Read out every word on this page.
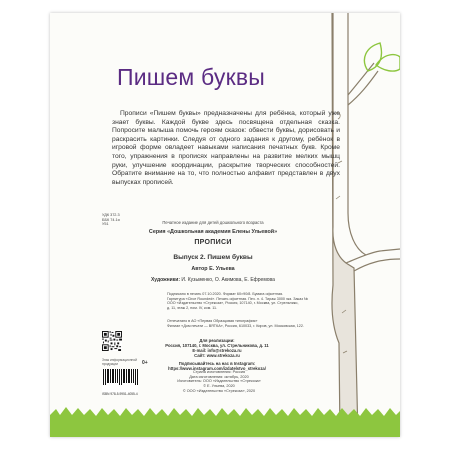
Пишем буквы

Прописи «Пишем буквы» предназначены для ребёнка, который уже знает буквы. Каждой букве здесь посвящена отдельная сказка. Попросите малыша помочь героям сказок: обвести буквы, дорисовать и раскрасить картинки. Следуя от одного задания к другому, ребёнок в игровой форме овладеет навыками написания печатных букв. Кроме того, упражнения в прописях направлены на развитие мелких мышц руки, улучшение координации, раскрытие творческих способностей. Обратите внимание на то, что полностью алфавит представлен в двух выпусках прописей.

УДК 372.3
ББК 74.1я
У51	Печатное издание для детей дошкольного возраста
Серия «Дошкольная академия Елены Ульевой»
ПРОПИСИ
Выпуск 2. Пишем буквы
Автор Е. Ульева
Художники: И. Кузьменко, О. Акимова, Е. Ефремова
Подписано в печать 07.10.2020. Формат 60×90/8. Бумага офсетная.
Гарнитура «Circe Rounded». Печать офсетная. Печ. л. 4. Тираж 3000 экз. Заказ №
ООО «Издательство «Стрекоза», Россия, 107140, г. Москва, ул. Стрельнико,
д. 11, этаж 2, пом. IV, ком. 11.
Отпечатано в АО «Первая Образцовая типография»
Филиал «Дом печати — ВЯТКА», Россия, 610033, г. Киров, ул. Московская, 122.
Для реализации:
Россия, 107140, г. Москва, ул. Стрельникова, д. 11
E-mail: info@strekoza.ru
Сайт: www.strekoza.ru
Подписывайтесь на нас в Instagram:
https://www.instagram.com/izdatelstvo_strekoza/
Знак информационной продукции	0+
ISBN 978-5-9951-4055-4
Страна изготовления: Россия
Дата изготовления: октябрь, 2020
Изготовитель: ООО «Издательство «Стрекоза»
© Е. Ульева, 2020
© ООО «Издательство «Стрекоза», 2020
